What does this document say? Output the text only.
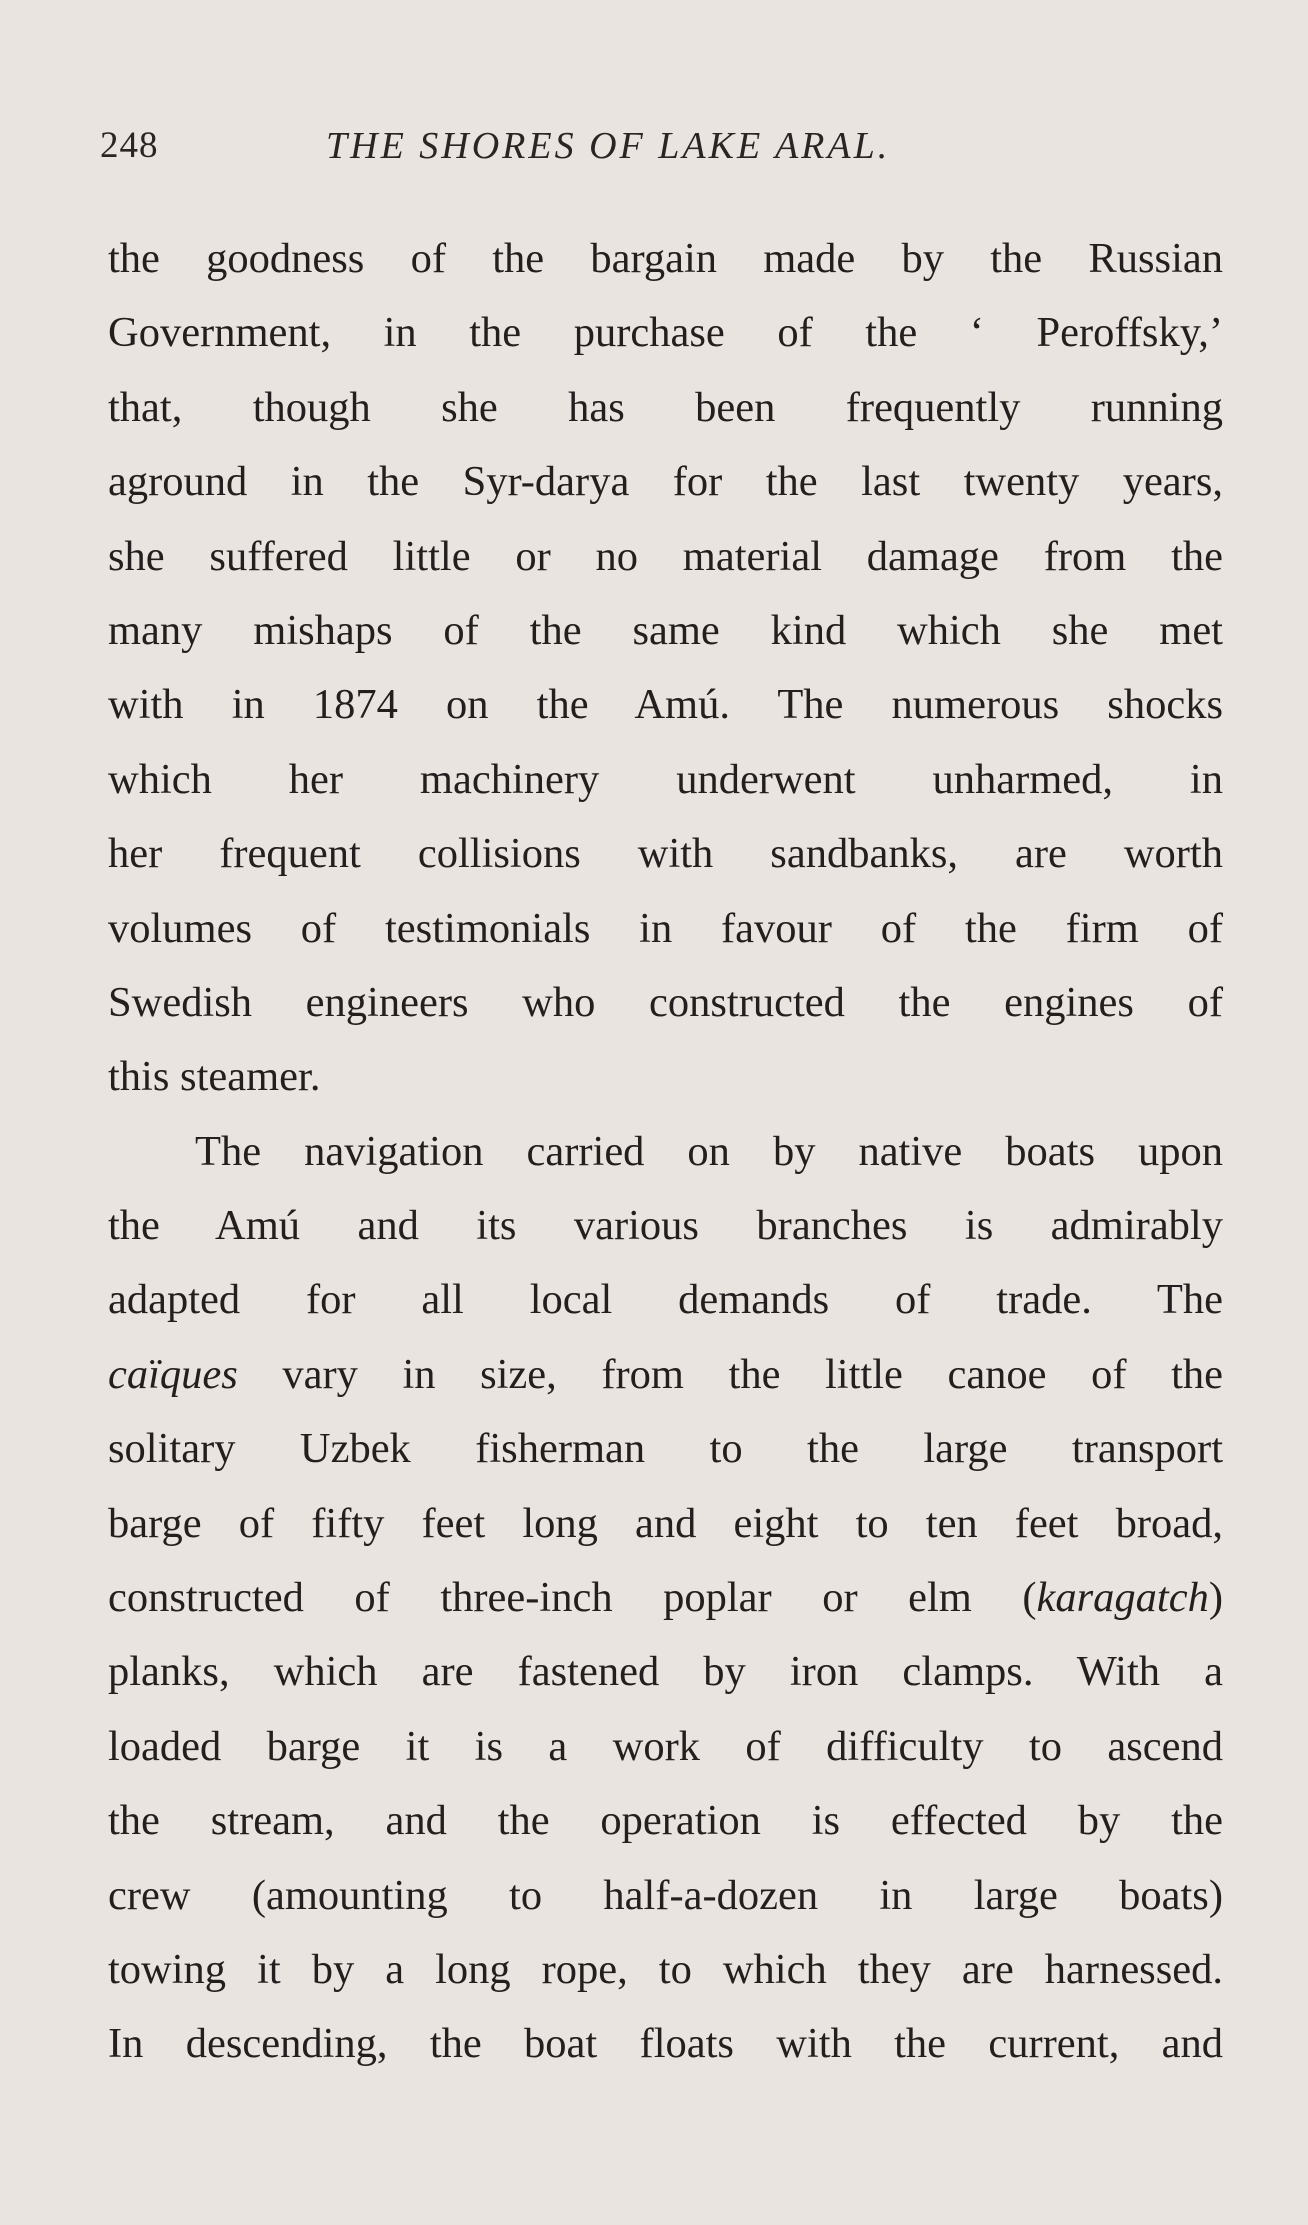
248	THE SHORES OF LAKE ARAL.
the goodness of the bargain made by the Russian
Government, in the purchase of the ‘ Peroffsky,’
that, though she has been frequently running
aground in the Syr-darya for the last twenty years,
she suffered little or no material damage from the
many mishaps of the same kind which she met
with in 1874 on the Amú. The numerous shocks
which her machinery underwent unharmed, in
her frequent collisions with sandbanks, are worth
volumes of testimonials in favour of the firm of
Swedish engineers who constructed the engines of
this steamer.
The navigation carried on by native boats upon
the Amú and its various branches is admirably
adapted for all local demands of trade. The
caïques vary in size, from the little canoe of the
solitary Uzbek fisherman to the large transport
barge of fifty feet long and eight to ten feet broad,
constructed of three-inch poplar or elm (karagatch)
planks, which are fastened by iron clamps. With a
loaded barge it is a work of difficulty to ascend
the stream, and the operation is effected by the
crew (amounting to half-a-dozen in large boats)
towing it by a long rope, to which they are harnessed.
In descending, the boat floats with the current, and
